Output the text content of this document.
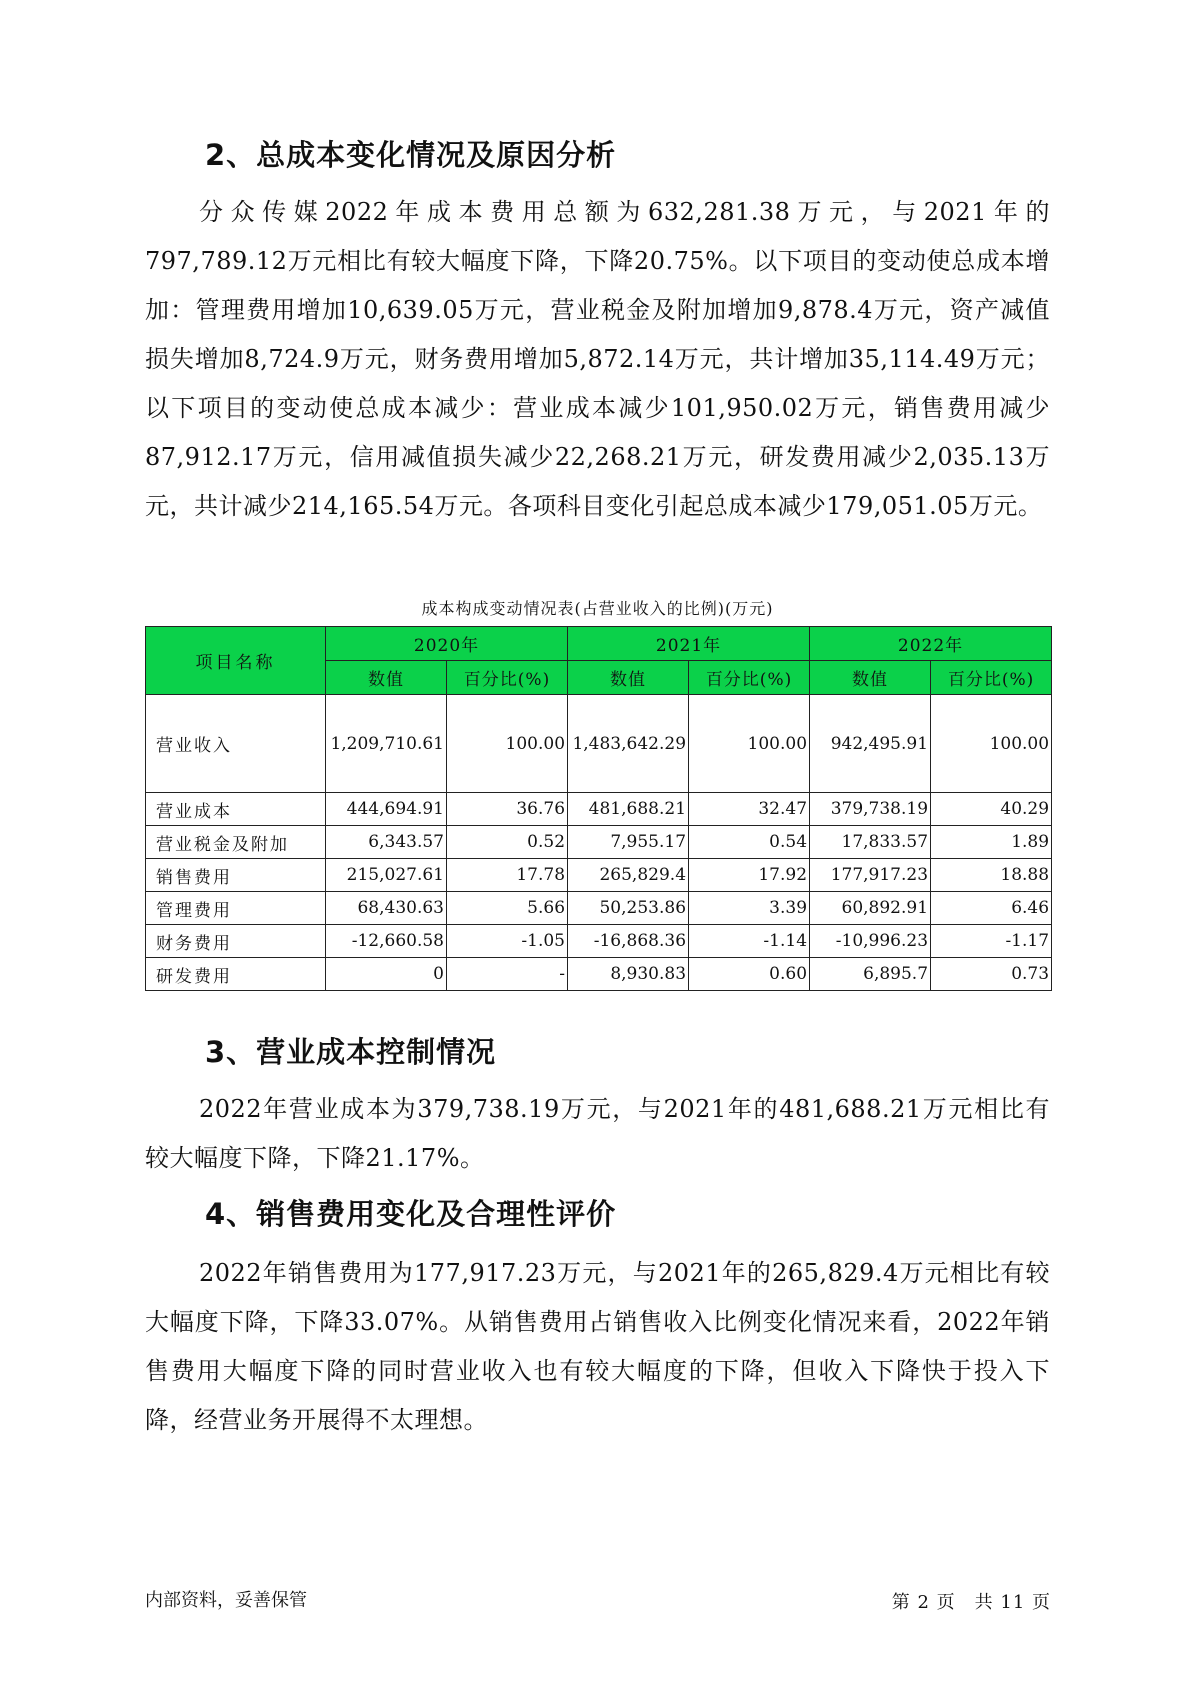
2、总成本变化情况及原因分析

分众传媒2022年成本费用总额为632,281.38万元，与2021年的797,789.12万元相比有较大幅度下降，下降20.75%。以下项目的变动使总成本增加：管理费用增加10,639.05万元，营业税金及附加增加9,878.4万元，资产减值损失增加8,724.9万元，财务费用增加5,872.14万元，共计增加35,114.49万元；以下项目的变动使总成本减少：营业成本减少101,950.02万元，销售费用减少87,912.17万元，信用减值损失减少22,268.21万元，研发费用减少2,035.13万元，共计减少214,165.54万元。各项科目变化引起总成本减少179,051.05万元。

成本构成变动情况表(占营业收入的比例)(万元)
项目名称	2020年		2021年		2022年	
	数值	百分比(%)	数值	百分比(%)	数值	百分比(%)
营业收入	1,209,710.61	100.00	1,483,642.29	100.00	942,495.91	100.00
营业成本	444,694.91	36.76	481,688.21	32.47	379,738.19	40.29
营业税金及附加	6,343.57	0.52	7,955.17	0.54	17,833.57	1.89
销售费用	215,027.61	17.78	265,829.4	17.92	177,917.23	18.88
管理费用	68,430.63	5.66	50,253.86	3.39	60,892.91	6.46
财务费用	-12,660.58	-1.05	-16,868.36	-1.14	-10,996.23	-1.17
研发费用	0	-	8,930.83	0.60	6,895.7	0.73
3、营业成本控制情况

2022年营业成本为379,738.19万元，与2021年的481,688.21万元相比有较大幅度下降，下降21.17%。

4、销售费用变化及合理性评价

2022年销售费用为177,917.23万元，与2021年的265,829.4万元相比有较大幅度下降，下降33.07%。从销售费用占销售收入比例变化情况来看，2022年销售费用大幅度下降的同时营业收入也有较大幅度的下降，但收入下降快于投入下降，经营业务开展得不太理想。

内部资料，妥善保管	第 2 页　共 11 页
